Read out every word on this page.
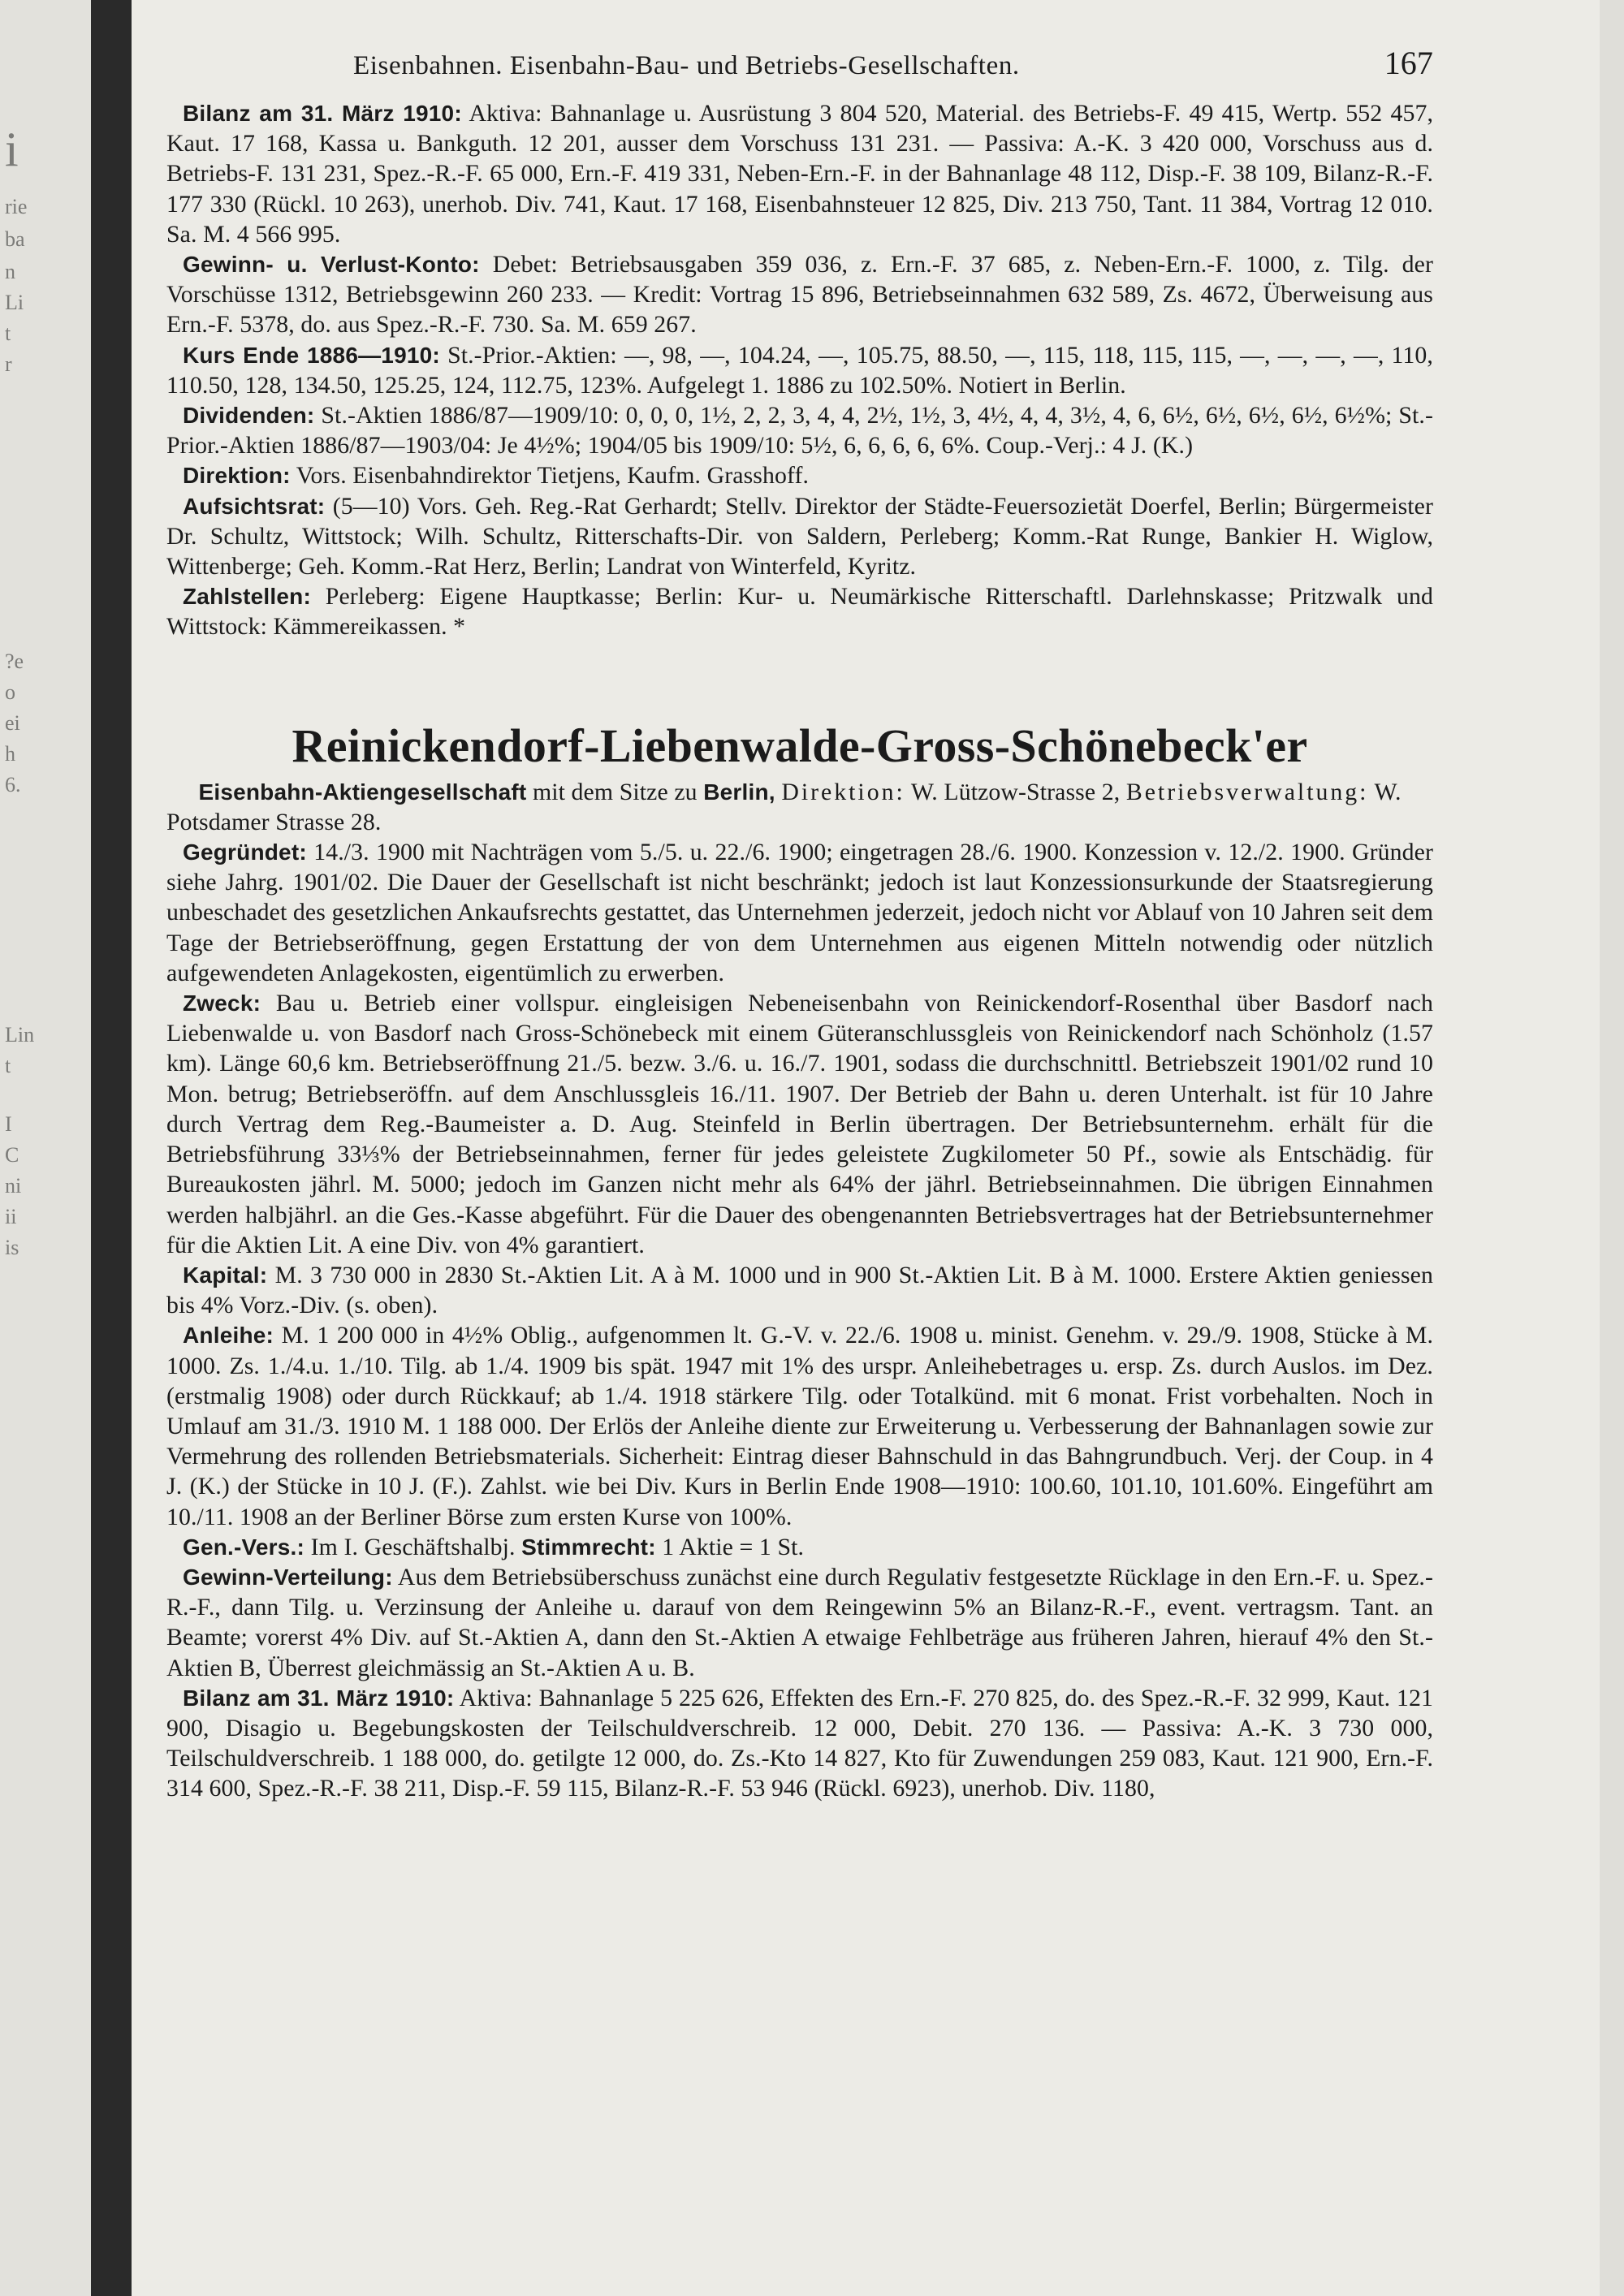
i
rie
ba
n
Li
t
r
?e
o
ei
h
6.
Lin
t
I
C
ni
ii
is
Eisenbahnen. Eisenbahn-Bau- und Betriebs-Gesellschaften.	167

Bilanz am 31. März 1910: Aktiva: Bahnanlage u. Ausrüstung 3 804 520, Material. des Betriebs-F. 49 415, Wertp. 552 457, Kaut. 17 168, Kassa u. Bankguth. 12 201, ausser dem Vorschuss 131 231. — Passiva: A.-K. 3 420 000, Vorschuss aus d. Betriebs-F. 131 231, Spez.-R.-F. 65 000, Ern.-F. 419 331, Neben-Ern.-F. in der Bahnanlage 48 112, Disp.-F. 38 109, Bilanz-R.-F. 177 330 (Rückl. 10 263), unerhob. Div. 741, Kaut. 17 168, Eisenbahnsteuer 12 825, Div. 213 750, Tant. 11 384, Vortrag 12 010. Sa. M. 4 566 995.

Gewinn- u. Verlust-Konto: Debet: Betriebsausgaben 359 036, z. Ern.-F. 37 685, z. Neben-Ern.-F. 1000, z. Tilg. der Vorschüsse 1312, Betriebsgewinn 260 233. — Kredit: Vortrag 15 896, Betriebseinnahmen 632 589, Zs. 4672, Überweisung aus Ern.-F. 5378, do. aus Spez.-R.-F. 730. Sa. M. 659 267.

Kurs Ende 1886—1910: St.-Prior.-Aktien: —, 98, —, 104.24, —, 105.75, 88.50, —, 115, 118, 115, 115, —, —, —, —, 110, 110.50, 128, 134.50, 125.25, 124, 112.75, 123%. Aufgelegt 1. 1886 zu 102.50%. Notiert in Berlin.

Dividenden: St.-Aktien 1886/87—1909/10: 0, 0, 0, 1½, 2, 2, 3, 4, 4, 2½, 1½, 3, 4½, 4, 4, 3½, 4, 6, 6½, 6½, 6½, 6½, 6½%; St.-Prior.-Aktien 1886/87—1903/04: Je 4½%; 1904/05 bis 1909/10: 5½, 6, 6, 6, 6, 6%. Coup.-Verj.: 4 J. (K.)

Direktion: Vors. Eisenbahndirektor Tietjens, Kaufm. Grasshoff.

Aufsichtsrat: (5—10) Vors. Geh. Reg.-Rat Gerhardt; Stellv. Direktor der Städte-Feuersozietät Doerfel, Berlin; Bürgermeister Dr. Schultz, Wittstock; Wilh. Schultz, Ritterschafts-Dir. von Saldern, Perleberg; Komm.-Rat Runge, Bankier H. Wiglow, Wittenberge; Geh. Komm.-Rat Herz, Berlin; Landrat von Winterfeld, Kyritz.

Zahlstellen: Perleberg: Eigene Hauptkasse; Berlin: Kur- u. Neumärkische Ritterschaftl. Darlehnskasse; Pritzwalk und Wittstock: Kämmereikassen. *

Reinickendorf-Liebenwalde-Gross-Schönebeck'er

Eisenbahn-Aktiengesellschaft mit dem Sitze zu Berlin, Direktion: W. Lützow-Strasse 2, Betriebsverwaltung: W. Potsdamer Strasse 28.

Gegründet: 14./3. 1900 mit Nachträgen vom 5./5. u. 22./6. 1900; eingetragen 28./6. 1900. Konzession v. 12./2. 1900. Gründer siehe Jahrg. 1901/02. Die Dauer der Gesellschaft ist nicht beschränkt; jedoch ist laut Konzessionsurkunde der Staatsregierung unbeschadet des gesetzlichen Ankaufsrechts gestattet, das Unternehmen jederzeit, jedoch nicht vor Ablauf von 10 Jahren seit dem Tage der Betriebseröffnung, gegen Erstattung der von dem Unternehmen aus eigenen Mitteln notwendig oder nützlich aufgewendeten Anlagekosten, eigentümlich zu erwerben.

Zweck: Bau u. Betrieb einer vollspur. eingleisigen Nebeneisenbahn von Reinickendorf-Rosenthal über Basdorf nach Liebenwalde u. von Basdorf nach Gross-Schönebeck mit einem Güteranschlussgleis von Reinickendorf nach Schönholz (1.57 km). Länge 60,6 km. Betriebseröffnung 21./5. bezw. 3./6. u. 16./7. 1901, sodass die durchschnittl. Betriebszeit 1901/02 rund 10 Mon. betrug; Betriebseröffn. auf dem Anschlussgleis 16./11. 1907. Der Betrieb der Bahn u. deren Unterhalt. ist für 10 Jahre durch Vertrag dem Reg.-Baumeister a. D. Aug. Steinfeld in Berlin übertragen. Der Betriebsunternehm. erhält für die Betriebsführung 33⅓% der Betriebseinnahmen, ferner für jedes geleistete Zugkilometer 50 Pf., sowie als Entschädig. für Bureaukosten jährl. M. 5000; jedoch im Ganzen nicht mehr als 64% der jährl. Betriebseinnahmen. Die übrigen Einnahmen werden halbjährl. an die Ges.-Kasse abgeführt. Für die Dauer des obengenannten Betriebsvertrages hat der Betriebsunternehmer für die Aktien Lit. A eine Div. von 4% garantiert.

Kapital: M. 3 730 000 in 2830 St.-Aktien Lit. A à M. 1000 und in 900 St.-Aktien Lit. B à M. 1000. Erstere Aktien geniessen bis 4% Vorz.-Div. (s. oben).

Anleihe: M. 1 200 000 in 4½% Oblig., aufgenommen lt. G.-V. v. 22./6. 1908 u. minist. Genehm. v. 29./9. 1908, Stücke à M. 1000. Zs. 1./4.u. 1./10. Tilg. ab 1./4. 1909 bis spät. 1947 mit 1% des urspr. Anleihebetrages u. ersp. Zs. durch Auslos. im Dez. (erstmalig 1908) oder durch Rückkauf; ab 1./4. 1918 stärkere Tilg. oder Totalkünd. mit 6 monat. Frist vorbehalten. Noch in Umlauf am 31./3. 1910 M. 1 188 000. Der Erlös der Anleihe diente zur Erweiterung u. Verbesserung der Bahnanlagen sowie zur Vermehrung des rollenden Betriebsmaterials. Sicherheit: Eintrag dieser Bahnschuld in das Bahngrundbuch. Verj. der Coup. in 4 J. (K.) der Stücke in 10 J. (F.). Zahlst. wie bei Div. Kurs in Berlin Ende 1908—1910: 100.60, 101.10, 101.60%. Eingeführt am 10./11. 1908 an der Berliner Börse zum ersten Kurse von 100%.

Gen.-Vers.: Im I. Geschäftshalbj. Stimmrecht: 1 Aktie = 1 St.

Gewinn-Verteilung: Aus dem Betriebsüberschuss zunächst eine durch Regulativ festgesetzte Rücklage in den Ern.-F. u. Spez.-R.-F., dann Tilg. u. Verzinsung der Anleihe u. darauf von dem Reingewinn 5% an Bilanz-R.-F., event. vertragsm. Tant. an Beamte; vorerst 4% Div. auf St.-Aktien A, dann den St.-Aktien A etwaige Fehlbeträge aus früheren Jahren, hierauf 4% den St.-Aktien B, Überrest gleichmässig an St.-Aktien A u. B.

Bilanz am 31. März 1910: Aktiva: Bahnanlage 5 225 626, Effekten des Ern.-F. 270 825, do. des Spez.-R.-F. 32 999, Kaut. 121 900, Disagio u. Begebungskosten der Teilschuldverschreib. 12 000, Debit. 270 136. — Passiva: A.-K. 3 730 000, Teilschuldverschreib. 1 188 000, do. getilgte 12 000, do. Zs.-Kto 14 827, Kto für Zuwendungen 259 083, Kaut. 121 900, Ern.-F. 314 600, Spez.-R.-F. 38 211, Disp.-F. 59 115, Bilanz-R.-F. 53 946 (Rückl. 6923), unerhob. Div. 1180,
